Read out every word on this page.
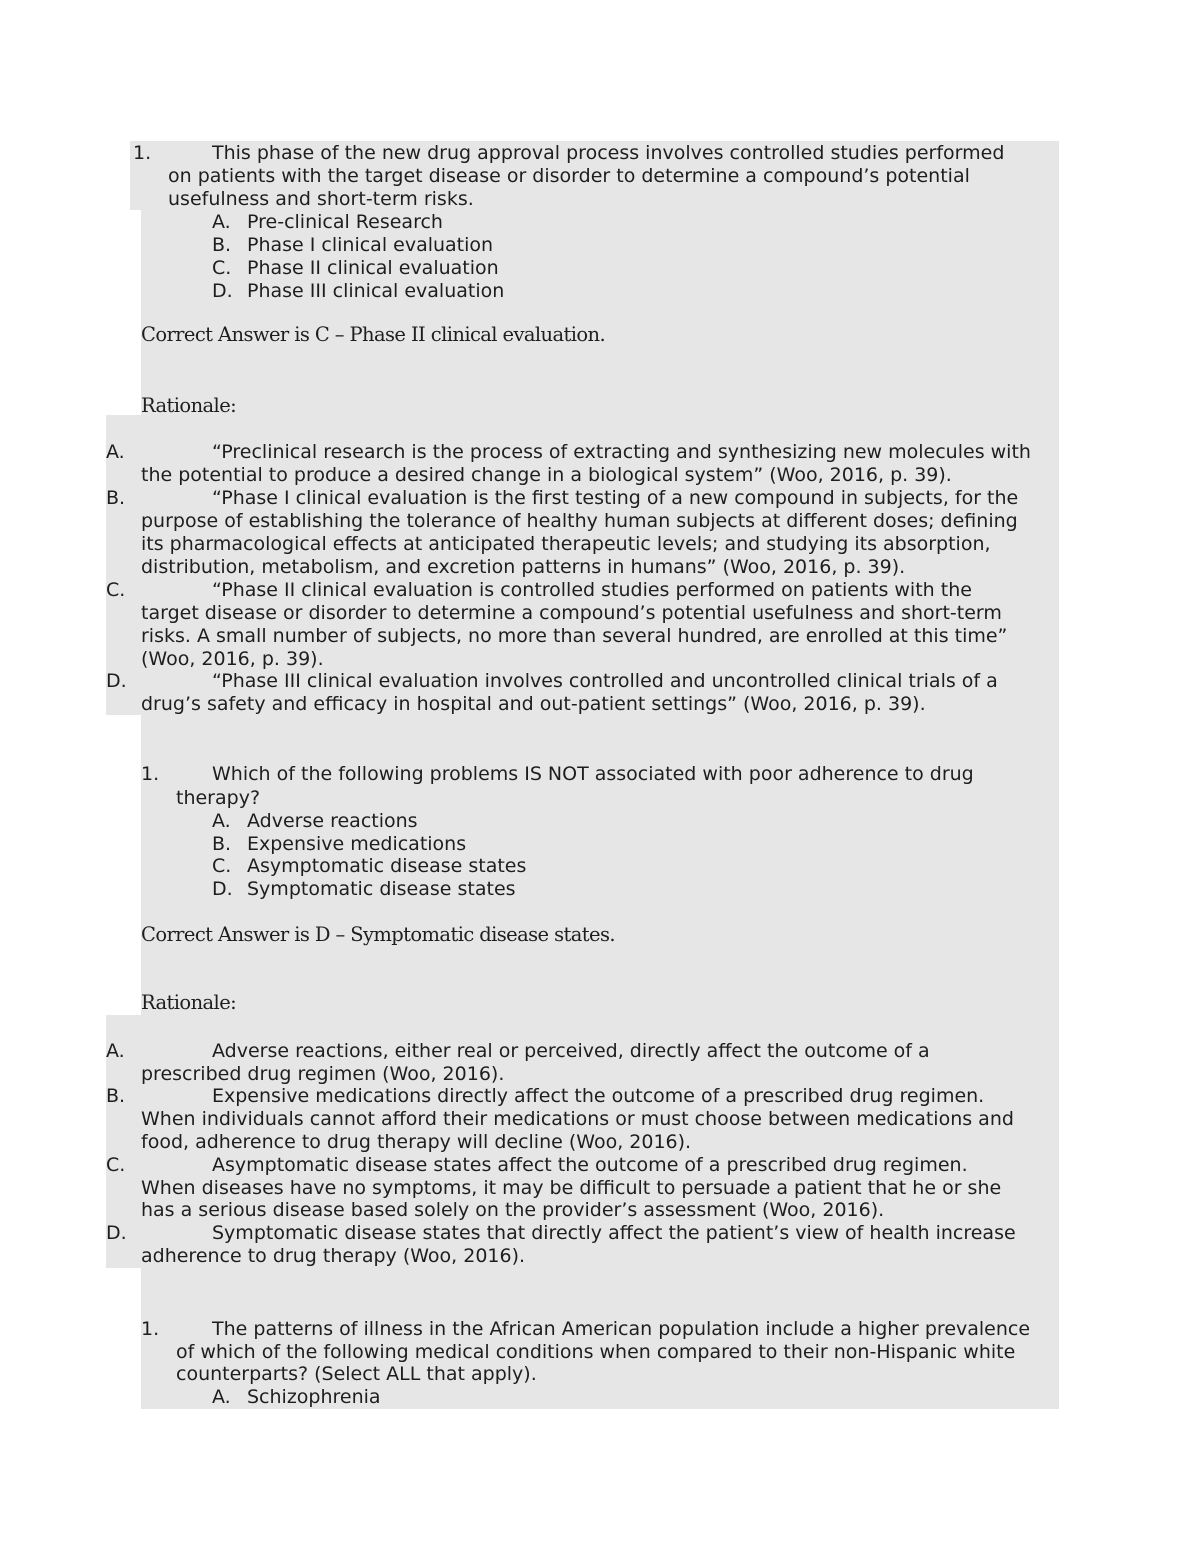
1.	This phase of the new drug approval process involves controlled studies performed
on patients with the target disease or disorder to determine a compound’s potential
usefulness and short-term risks.
A. Pre-clinical Research
B. Phase I clinical evaluation
C. Phase II clinical evaluation
D. Phase III clinical evaluation
Correct Answer is C – Phase II clinical evaluation.
Rationale:
A.	“Preclinical research is the process of extracting and synthesizing new molecules with
the potential to produce a desired change in a biological system” (Woo, 2016, p. 39).
B.	“Phase I clinical evaluation is the first testing of a new compound in subjects, for the
purpose of establishing the tolerance of healthy human subjects at different doses; defining
its pharmacological effects at anticipated therapeutic levels; and studying its absorption,
distribution, metabolism, and excretion patterns in humans” (Woo, 2016, p. 39).
C.	“Phase II clinical evaluation is controlled studies performed on patients with the
target disease or disorder to determine a compound’s potential usefulness and short-term
risks. A small number of subjects, no more than several hundred, are enrolled at this time”
(Woo, 2016, p. 39).
D.	“Phase III clinical evaluation involves controlled and uncontrolled clinical trials of a
drug’s safety and efficacy in hospital and out-patient settings” (Woo, 2016, p. 39).
1.	Which of the following problems IS NOT associated with poor adherence to drug
therapy?
A. Adverse reactions
B. Expensive medications
C. Asymptomatic disease states
D. Symptomatic disease states
Correct Answer is D – Symptomatic disease states.
Rationale:
A.	Adverse reactions, either real or perceived, directly affect the outcome of a
prescribed drug regimen (Woo, 2016).
B.	Expensive medications directly affect the outcome of a prescribed drug regimen.
When individuals cannot afford their medications or must choose between medications and
food, adherence to drug therapy will decline (Woo, 2016).
C.	Asymptomatic disease states affect the outcome of a prescribed drug regimen.
When diseases have no symptoms, it may be difficult to persuade a patient that he or she
has a serious disease based solely on the provider’s assessment (Woo, 2016).
D.	Symptomatic disease states that directly affect the patient’s view of health increase
adherence to drug therapy (Woo, 2016).
1.	The patterns of illness in the African American population include a higher prevalence
of which of the following medical conditions when compared to their non-Hispanic white
counterparts? (Select ALL that apply).
A. Schizophrenia
